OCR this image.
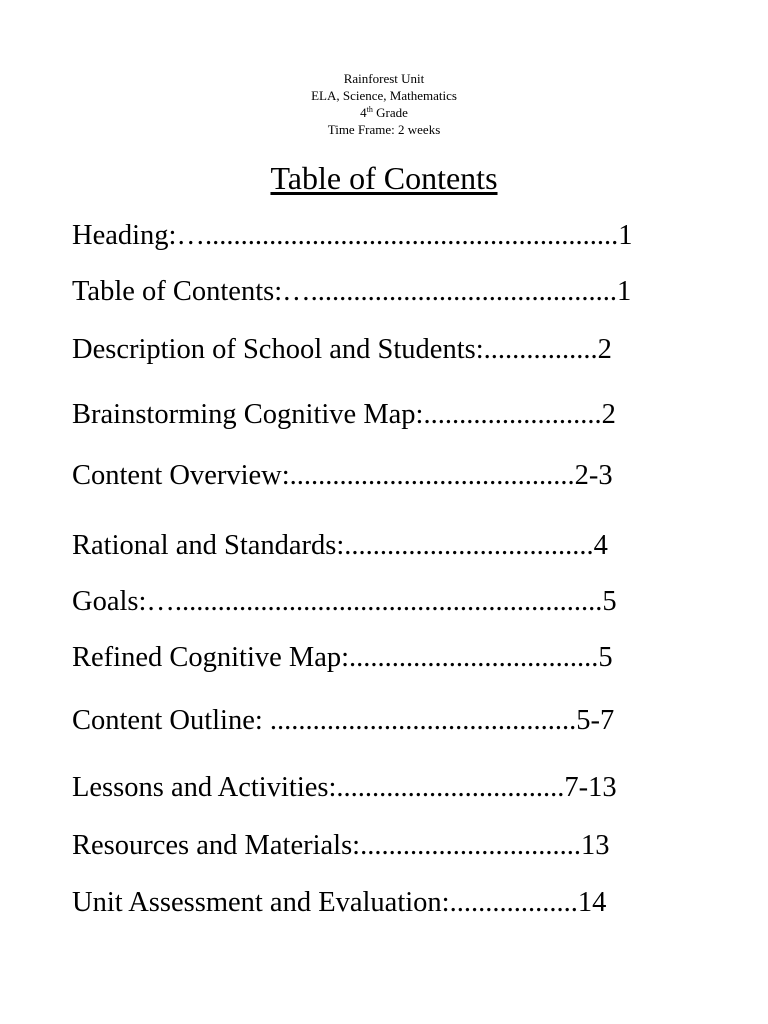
Rainforest Unit
ELA, Science, Mathematics
4th Grade
Time Frame: 2 weeks
Table of Contents
Heading:…..........................................................1
Table of Contents:…...........................................1
Description of School and Students:................2
Brainstorming Cognitive Map:.........................2
Content Overview:........................................2-3
Rational and Standards:...................................4
Goals:…............................................................5
Refined Cognitive Map:...................................5
Content Outline: ...........................................5-7
Lessons and Activities:................................7-13
Resources and Materials:...............................13
Unit Assessment and Evaluation:..................14
